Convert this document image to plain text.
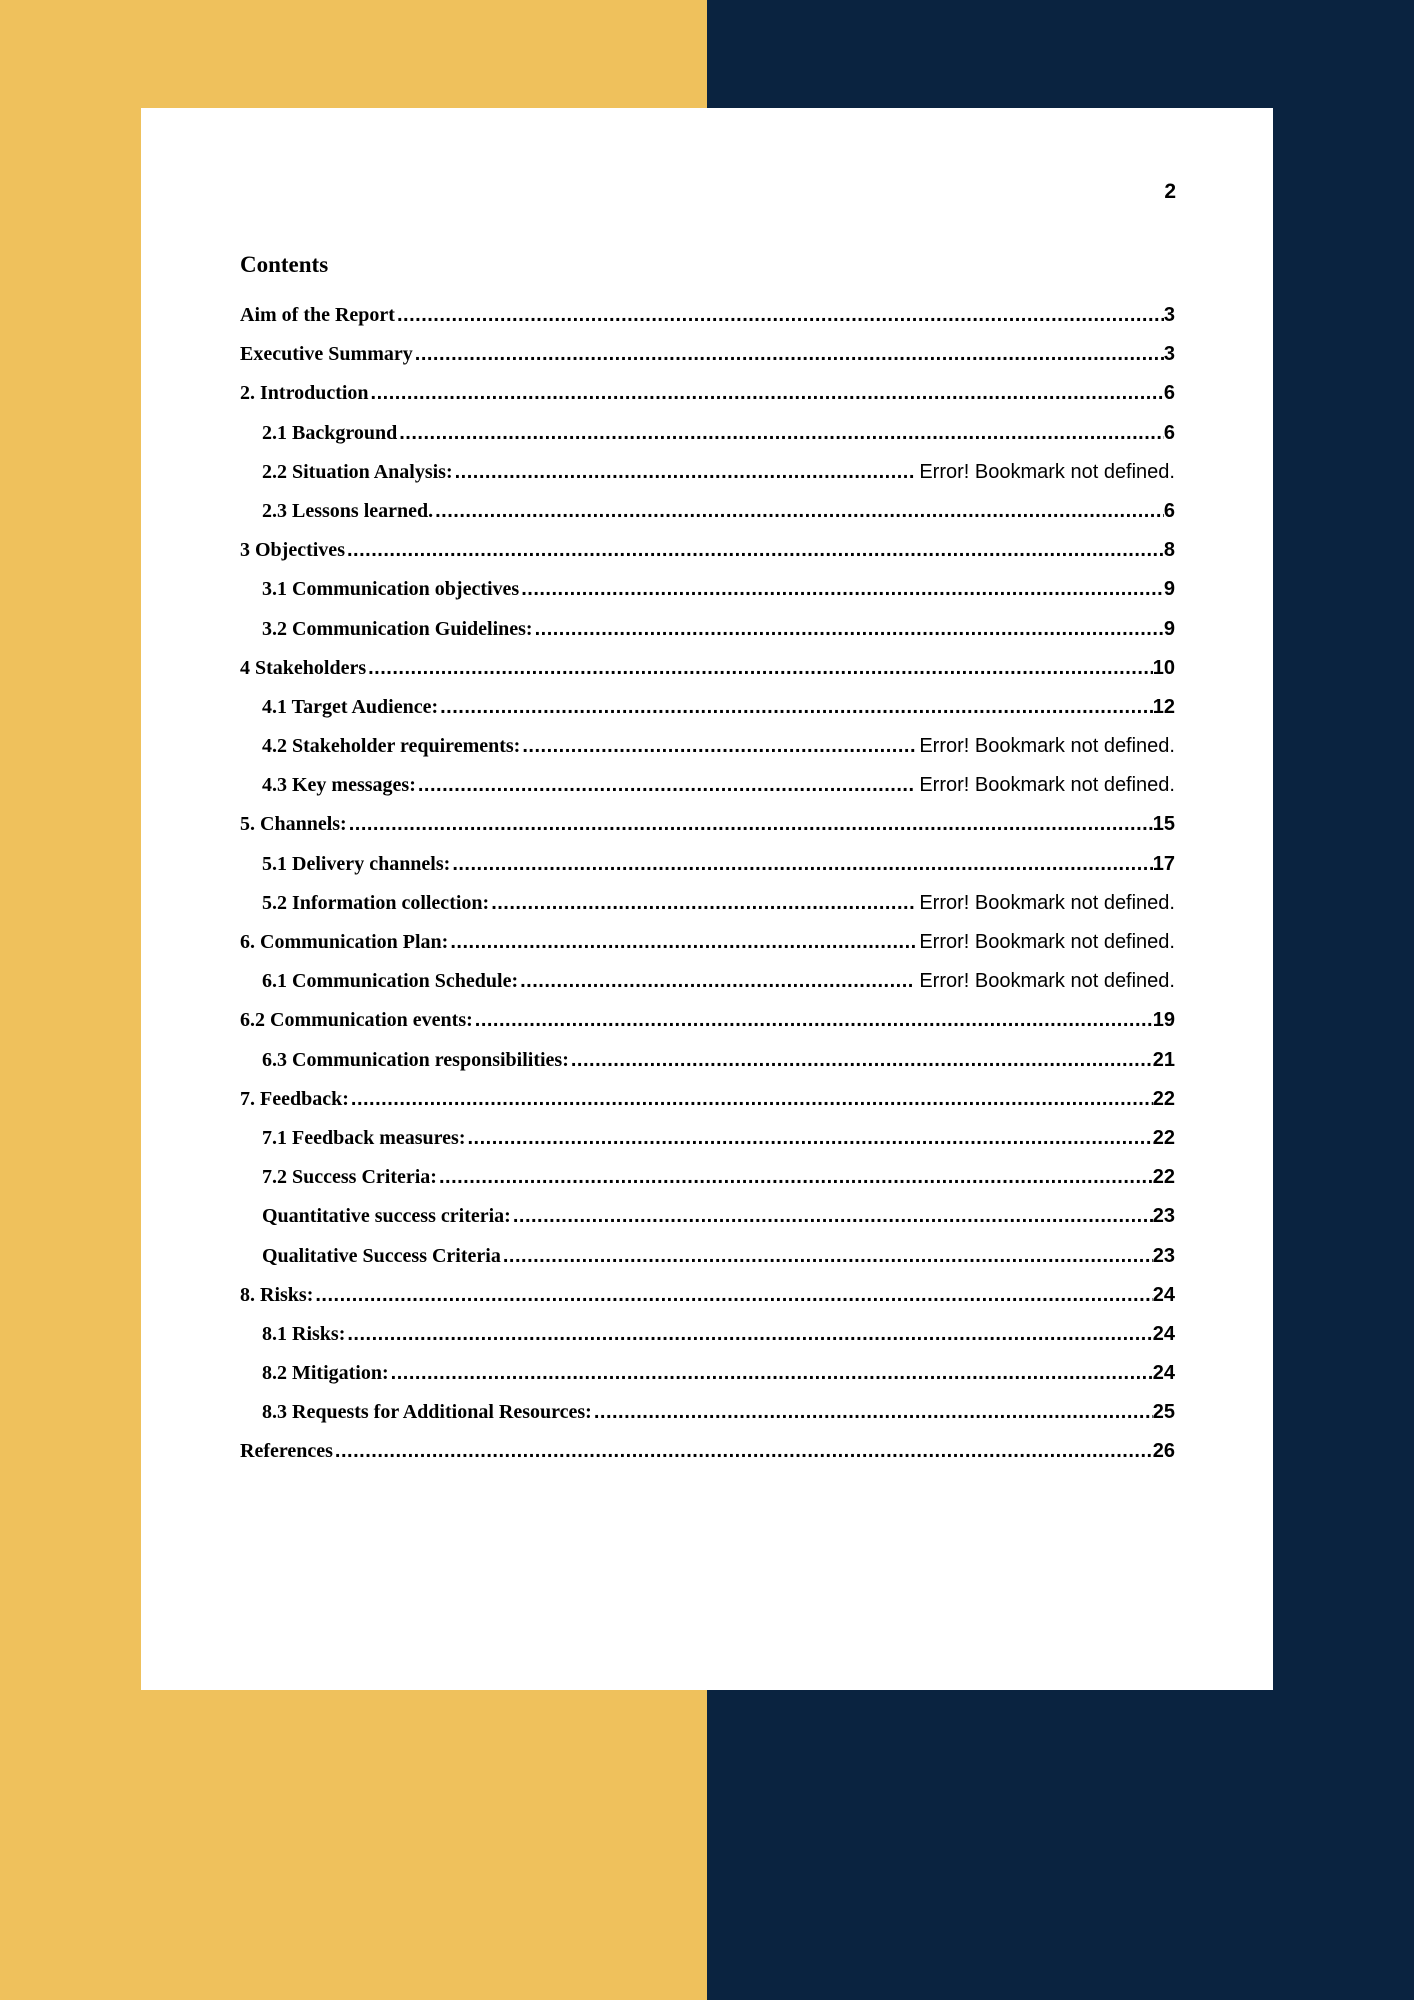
2
Contents
Aim of the Report .....	3
Executive Summary .....	3
2. Introduction .....	6
2.1 Background .....	6
2.2 Situation Analysis: .....	Error! Bookmark not defined.
2.3 Lessons learned. .....	6
3 Objectives .....	8
3.1 Communication objectives .....	9
3.2 Communication Guidelines: .....	9
4 Stakeholders .....	10
4.1 Target Audience: .....	12
4.2 Stakeholder requirements: .....	Error! Bookmark not defined.
4.3 Key messages: .....	Error! Bookmark not defined.
5. Channels: .....	15
5.1 Delivery channels: .....	17
5.2 Information collection: .....	Error! Bookmark not defined.
6. Communication Plan: .....	Error! Bookmark not defined.
6.1 Communication Schedule: .....	Error! Bookmark not defined.
6.2 Communication events: .....	19
6.3 Communication responsibilities: .....	21
7. Feedback: .....	22
7.1 Feedback measures: .....	22
7.2 Success Criteria: .....	22
Quantitative success criteria: .....	23
Qualitative Success Criteria .....	23
8. Risks: .....	24
8.1 Risks: .....	24
8.2 Mitigation: .....	24
8.3 Requests for Additional Resources: .....	25
References .....	26
